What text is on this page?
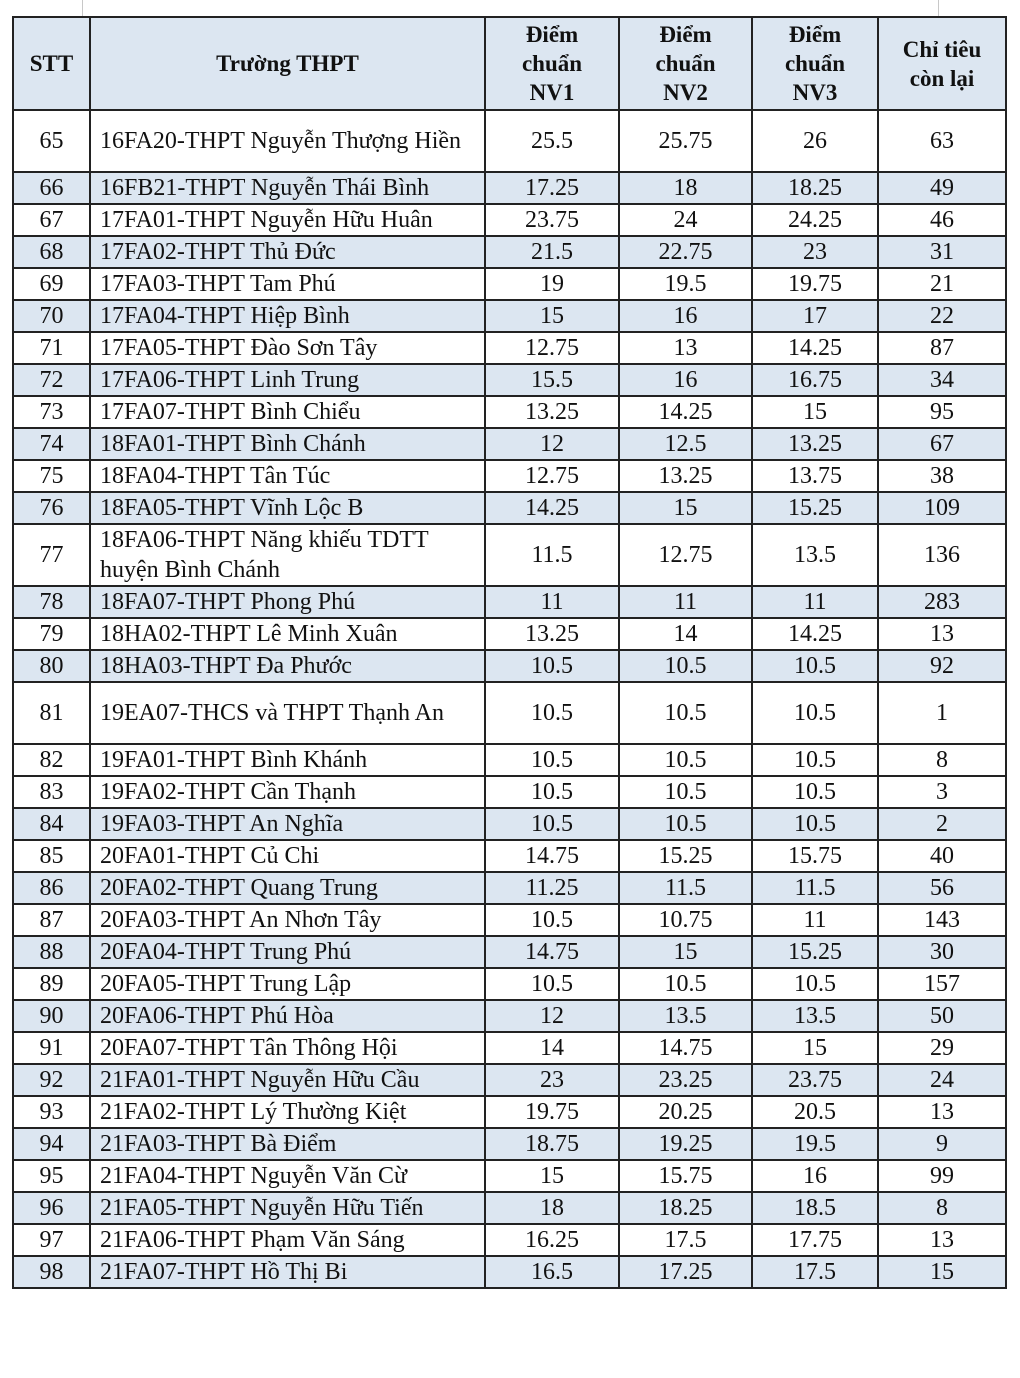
STT	Trường THPT	Điểm
chuẩn
NV1	Điểm
chuẩn
NV2	Điểm
chuẩn
NV3	Chỉ tiêu
còn lại

65	16FA20-THPT Nguyễn Thượng Hiền	25.5	25.75	26	63
66	16FB21-THPT Nguyễn Thái Bình	17.25	18	18.25	49
67	17FA01-THPT Nguyễn Hữu Huân	23.75	24	24.25	46
68	17FA02-THPT Thủ Đức	21.5	22.75	23	31
69	17FA03-THPT Tam Phú	19	19.5	19.75	21
70	17FA04-THPT Hiệp Bình	15	16	17	22
71	17FA05-THPT Đào Sơn Tây	12.75	13	14.25	87
72	17FA06-THPT Linh Trung	15.5	16	16.75	34
73	17FA07-THPT Bình Chiểu	13.25	14.25	15	95
74	18FA01-THPT Bình Chánh	12	12.5	13.25	67
75	18FA04-THPT Tân Túc	12.75	13.25	13.75	38
76	18FA05-THPT Vĩnh Lộc B	14.25	15	15.25	109
77	18FA06-THPT Năng khiếu TDTT huyện Bình Chánh	11.5	12.75	13.5	136
78	18FA07-THPT Phong Phú	11	11	11	283
79	18HA02-THPT Lê Minh Xuân	13.25	14	14.25	13
80	18HA03-THPT Đa Phước	10.5	10.5	10.5	92
81	19EA07-THCS và THPT Thạnh An	10.5	10.5	10.5	1
82	19FA01-THPT Bình Khánh	10.5	10.5	10.5	8
83	19FA02-THPT Cần Thạnh	10.5	10.5	10.5	3
84	19FA03-THPT An Nghĩa	10.5	10.5	10.5	2
85	20FA01-THPT Củ Chi	14.75	15.25	15.75	40
86	20FA02-THPT Quang Trung	11.25	11.5	11.5	56
87	20FA03-THPT An Nhơn Tây	10.5	10.75	11	143
88	20FA04-THPT Trung Phú	14.75	15	15.25	30
89	20FA05-THPT Trung Lập	10.5	10.5	10.5	157
90	20FA06-THPT Phú Hòa	12	13.5	13.5	50
91	20FA07-THPT Tân Thông Hội	14	14.75	15	29
92	21FA01-THPT Nguyễn Hữu Cầu	23	23.25	23.75	24
93	21FA02-THPT Lý Thường Kiệt	19.75	20.25	20.5	13
94	21FA03-THPT Bà Điểm	18.75	19.25	19.5	9
95	21FA04-THPT Nguyễn Văn Cừ	15	15.75	16	99
96	21FA05-THPT Nguyễn Hữu Tiến	18	18.25	18.5	8
97	21FA06-THPT Phạm Văn Sáng	16.25	17.5	17.75	13
98	21FA07-THPT Hồ Thị Bi	16.5	17.25	17.5	15
